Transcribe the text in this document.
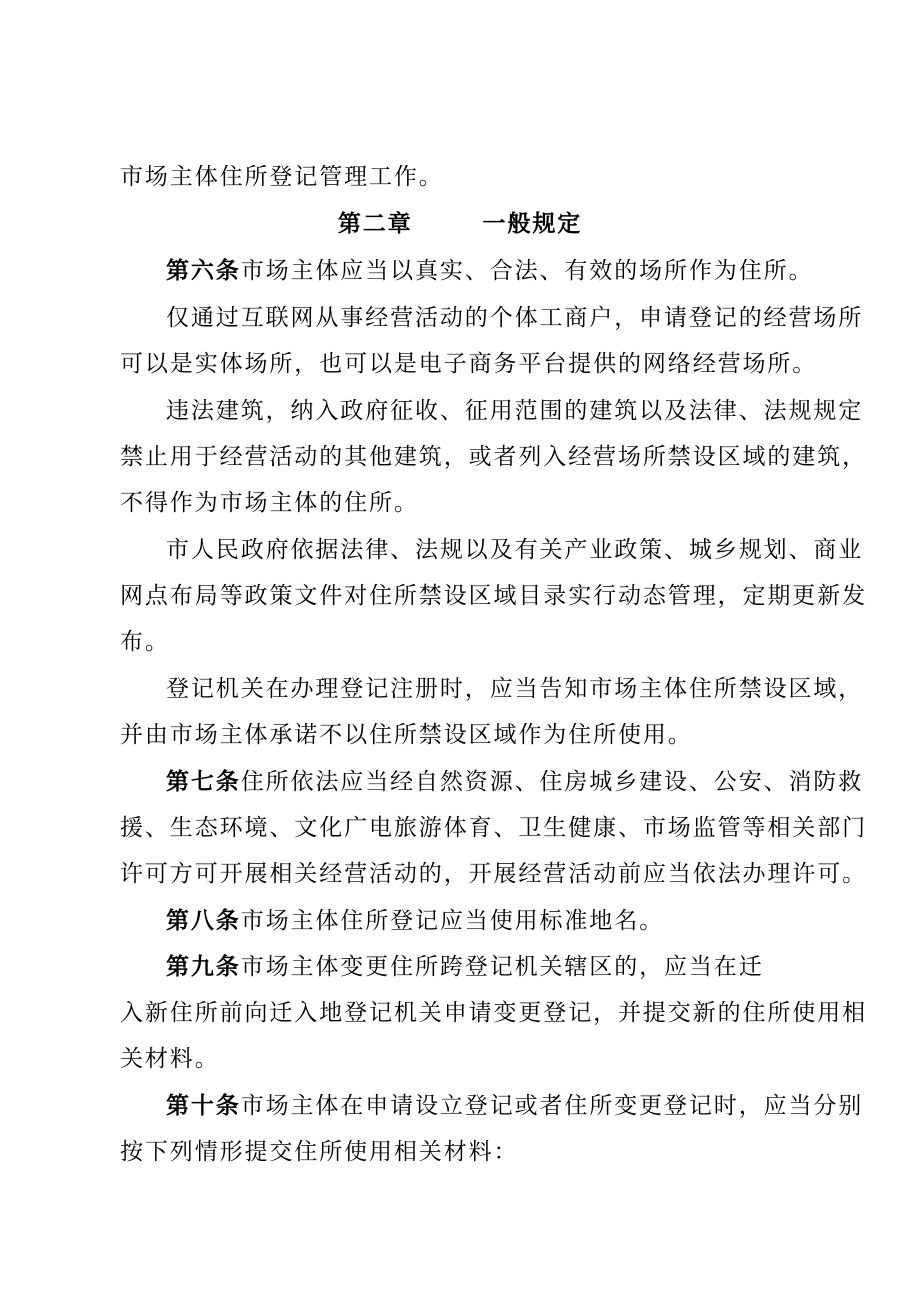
市场主体住所登记管理工作。
第二章	一般规定
第六条市场主体应当以真实、合法、有效的场所作为住所。
仅通过互联网从事经营活动的个体工商户，申请登记的经营场所
可以是实体场所，也可以是电子商务平台提供的网络经营场所。
违法建筑，纳入政府征收、征用范围的建筑以及法律、法规规定
禁止用于经营活动的其他建筑，或者列入经营场所禁设区域的建筑，
不得作为市场主体的住所。
市人民政府依据法律、法规以及有关产业政策、城乡规划、商业
网点布局等政策文件对住所禁设区域目录实行动态管理，定期更新发
布。
登记机关在办理登记注册时，应当告知市场主体住所禁设区域，
并由市场主体承诺不以住所禁设区域作为住所使用。
第七条住所依法应当经自然资源、住房城乡建设、公安、消防救
援、生态环境、文化广电旅游体育、卫生健康、市场监管等相关部门
许可方可开展相关经营活动的，开展经营活动前应当依法办理许可。
第八条市场主体住所登记应当使用标准地名。
第九条市场主体变更住所跨登记机关辖区的，应当在迁
入新住所前向迁入地登记机关申请变更登记，并提交新的住所使用相
关材料。
第十条市场主体在申请设立登记或者住所变更登记时，应当分别
按下列情形提交住所使用相关材料：
